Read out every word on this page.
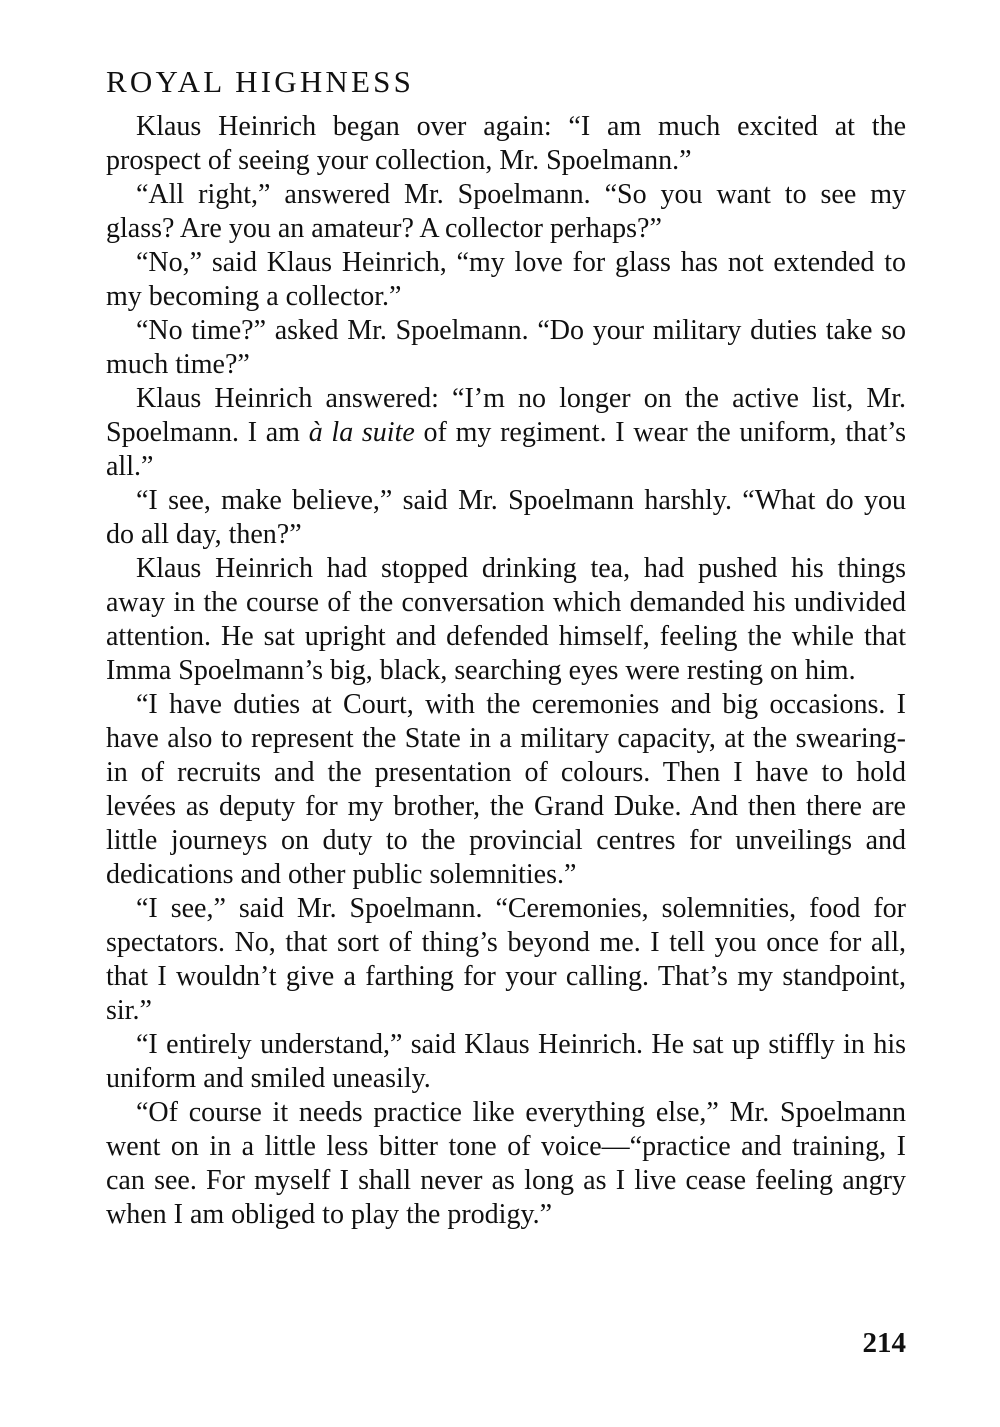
ROYAL HIGHNESS

Klaus Heinrich began over again: “I am much excited at the prospect of seeing your collection, Mr. Spoelmann.”

“All right,” answered Mr. Spoelmann. “So you want to see my glass? Are you an amateur? A collector perhaps?”

“No,” said Klaus Heinrich, “my love for glass has not extended to my becoming a collector.”

“No time?” asked Mr. Spoelmann. “Do your military duties take so much time?”

Klaus Heinrich answered: “I’m no longer on the active list, Mr. Spoelmann. I am à la suite of my regiment. I wear the uniform, that’s all.”

“I see, make believe,” said Mr. Spoelmann harshly. “What do you do all day, then?”

Klaus Heinrich had stopped drinking tea, had pushed his things away in the course of the conversation which demanded his undivided attention. He sat upright and defended himself, feeling the while that Imma Spoelmann’s big, black, searching eyes were resting on him.

“I have duties at Court, with the ceremonies and big occasions. I have also to represent the State in a military capacity, at the swearing-in of recruits and the presentation of colours. Then I have to hold levées as deputy for my brother, the Grand Duke. And then there are little journeys on duty to the provincial centres for unveilings and dedications and other public solemnities.”

“I see,” said Mr. Spoelmann. “Ceremonies, solemnities, food for spectators. No, that sort of thing’s beyond me. I tell you once for all, that I wouldn’t give a farthing for your calling. That’s my standpoint, sir.”

“I entirely understand,” said Klaus Heinrich. He sat up stiffly in his uniform and smiled uneasily.

“Of course it needs practice like everything else,” Mr. Spoelmann went on in a little less bitter tone of voice—“practice and training, I can see. For myself I shall never as long as I live cease feeling angry when I am obliged to play the prodigy.”

214
